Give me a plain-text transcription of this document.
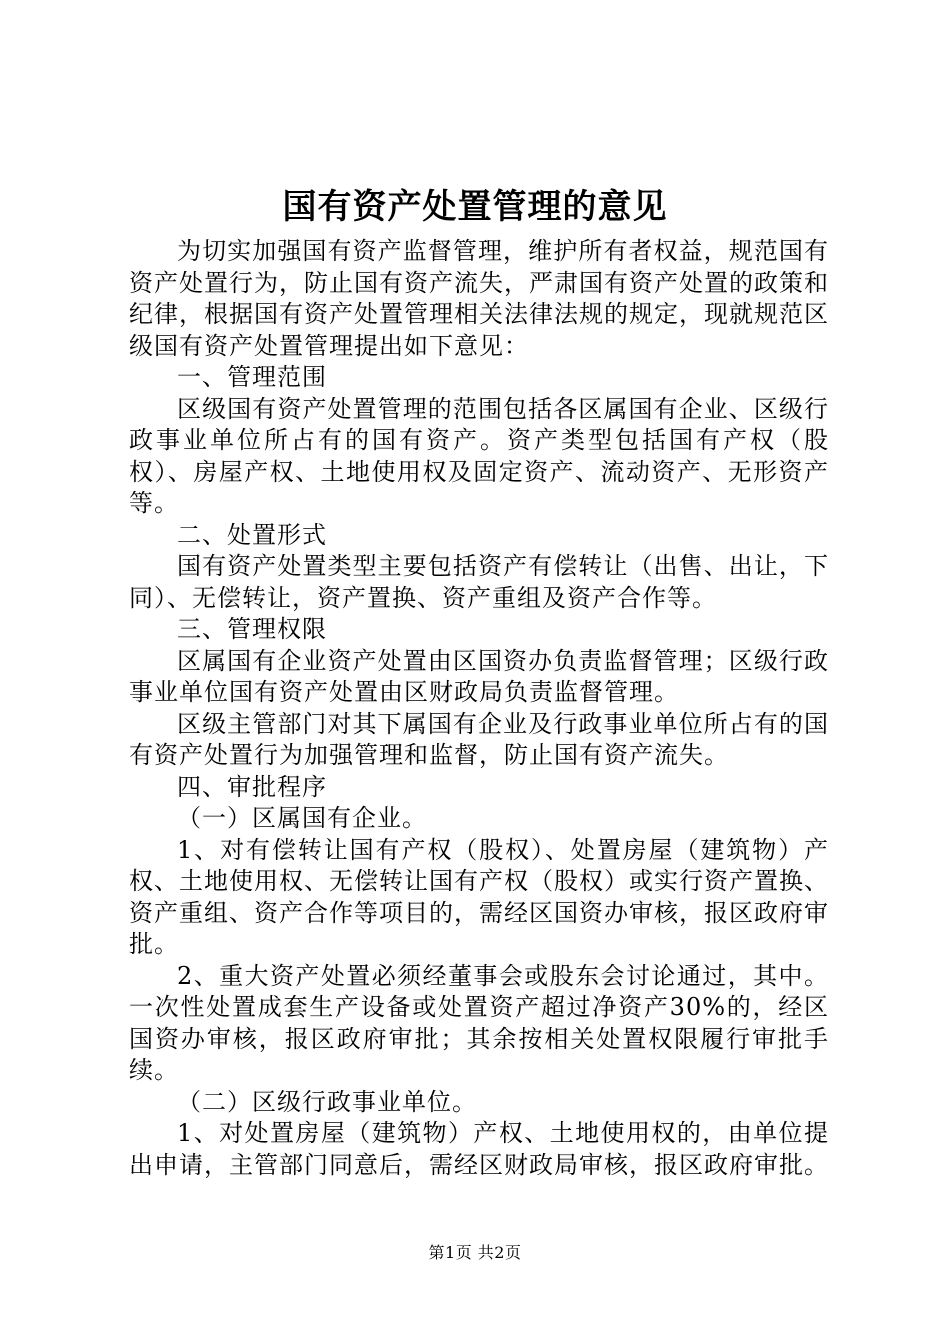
国有资产处置管理的意见

为切实加强国有资产监督管理，维护所有者权益，规范国有资产处置行为，防止国有资产流失，严肃国有资产处置的政策和纪律，根据国有资产处置管理相关法律法规的规定，现就规范区级国有资产处置管理提出如下意见：

一、管理范围

区级国有资产处置管理的范围包括各区属国有企业、区级行政事业单位所占有的国有资产。资产类型包括国有产权（股权）、房屋产权、土地使用权及固定资产、流动资产、无形资产等。

二、处置形式

国有资产处置类型主要包括资产有偿转让（出售、出让，下同）、无偿转让，资产置换、资产重组及资产合作等。

三、管理权限

区属国有企业资产处置由区国资办负责监督管理；区级行政事业单位国有资产处置由区财政局负责监督管理。

区级主管部门对其下属国有企业及行政事业单位所占有的国有资产处置行为加强管理和监督，防止国有资产流失。

四、审批程序

（一）区属国有企业。

1、对有偿转让国有产权（股权）、处置房屋（建筑物）产权、土地使用权、无偿转让国有产权（股权）或实行资产置换、资产重组、资产合作等项目的，需经区国资办审核，报区政府审批。

2、重大资产处置必须经董事会或股东会讨论通过，其中。一次性处置成套生产设备或处置资产超过净资产30%的，经区国资办审核，报区政府审批；其余按相关处置权限履行审批手续。

（二）区级行政事业单位。

1、对处置房屋（建筑物）产权、土地使用权的，由单位提出申请，主管部门同意后，需经区财政局审核，报区政府审批。

第1页 共2页
